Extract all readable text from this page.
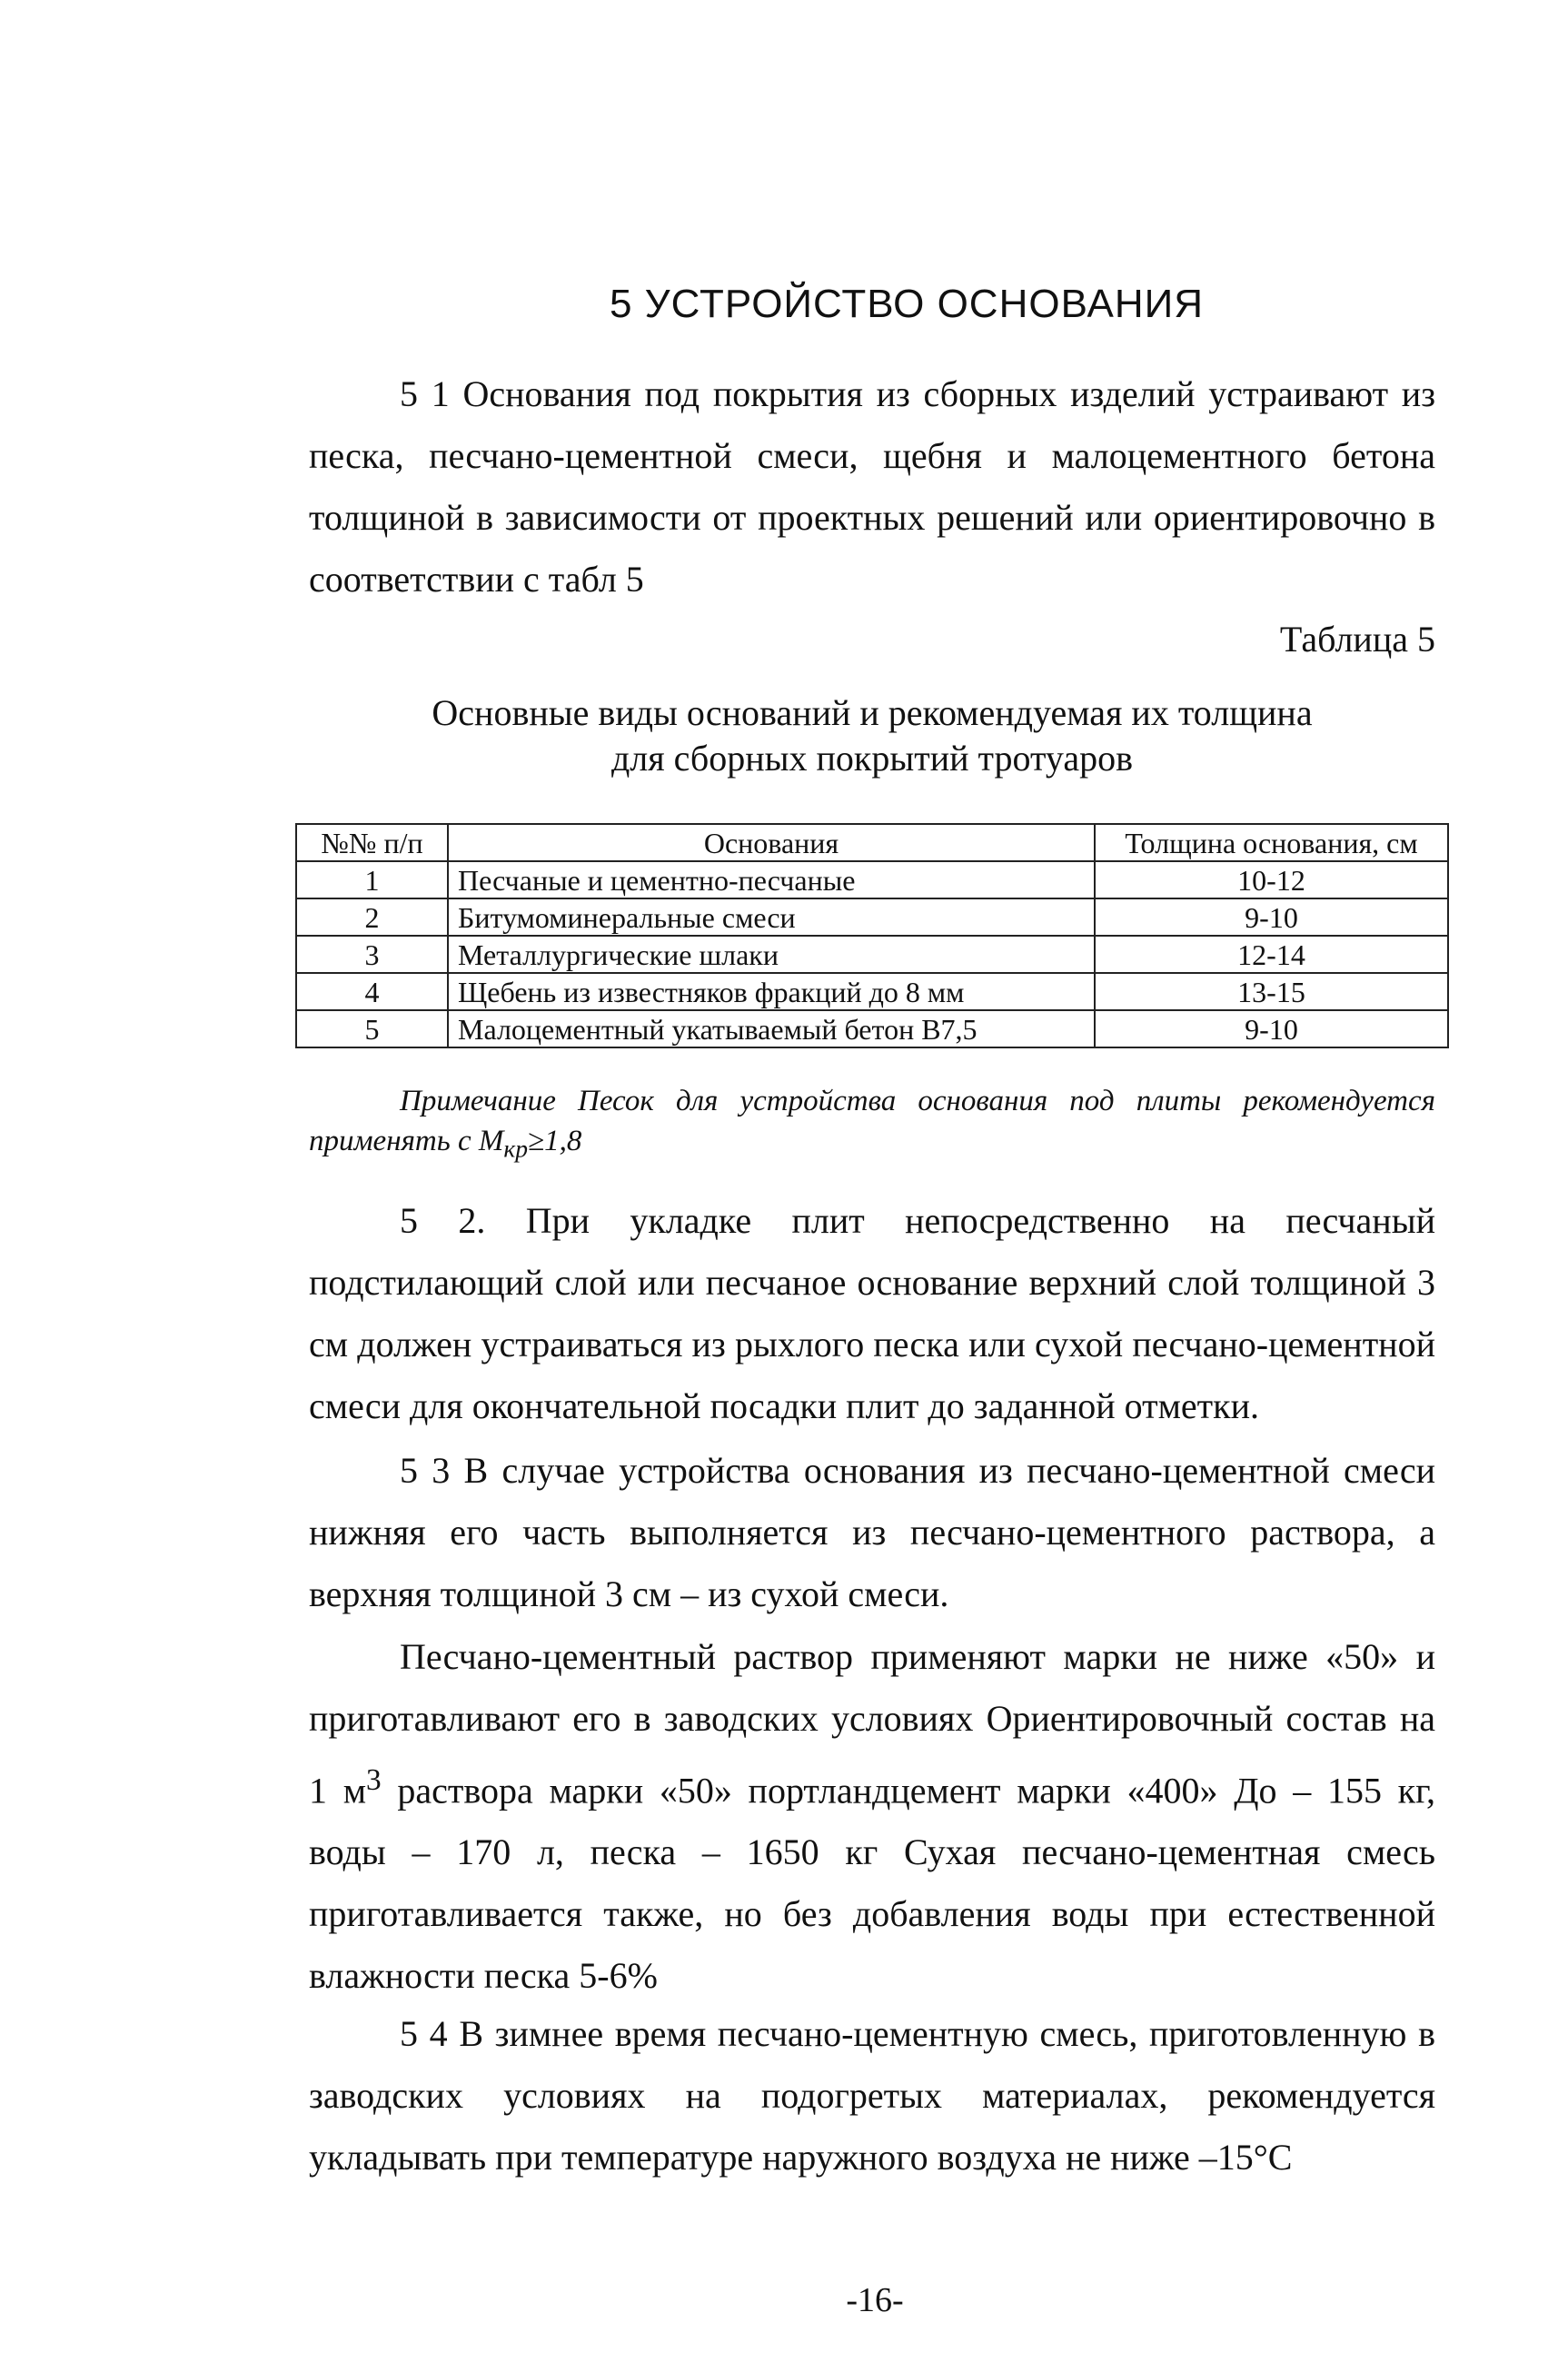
5 УСТРОЙСТВО ОСНОВАНИЯ
5 1 Основания под покрытия из сборных изделий устраивают из песка, песчано-цементной смеси, щебня и малоцементного бетона толщиной в зависимости от проектных решений или ориентировочно в соответствии с табл 5
Таблица 5
Основные виды оснований и рекомендуемая их толщина
для сборных покрытий тротуаров
№№ п/п	Основания	Толщина основания, см
1	Песчаные и цементно-песчаные	10-12
2	Битумоминеральные смеси	9-10
3	Металлургические шлаки	12-14
4	Щебень из известняков фракций до 8 мм	13-15
5	Малоцементный укатываемый бетон В7,5	9-10
Примечание Песок для устройства основания под плиты рекомендуется применять с $М_{кр}\ge 1,8$
5 2. При укладке плит непосредственно на песчаный подстилающий слой или песчаное основание верхний слой толщиной 3 см должен устраиваться из рыхлого песка или сухой песчано-цементной смеси для окончательной посадки плит до заданной отметки.
5 3 В случае устройства основания из песчано-цементной смеси нижняя его часть выполняется из песчано-цементного раствора, а верхняя толщиной 3 см – из сухой смеси.
Песчано-цементный раствор применяют марки не ниже «50» и приготавливают его в заводских условиях Ориентировочный состав на 1 $м^3$ раствора марки «50» портландцемент марки «400» До – 155 кг, воды – 170 л, песка – 1650 кг Сухая песчано-цементная смесь приготавливается также, но без добавления воды при естественной влажности песка 5-6%
5 4 В зимнее время песчано-цементную смесь, приготовленную в заводских условиях на подогретых материалах, рекомендуется укладывать при температуре наружного воздуха не ниже –15°С
-16-
